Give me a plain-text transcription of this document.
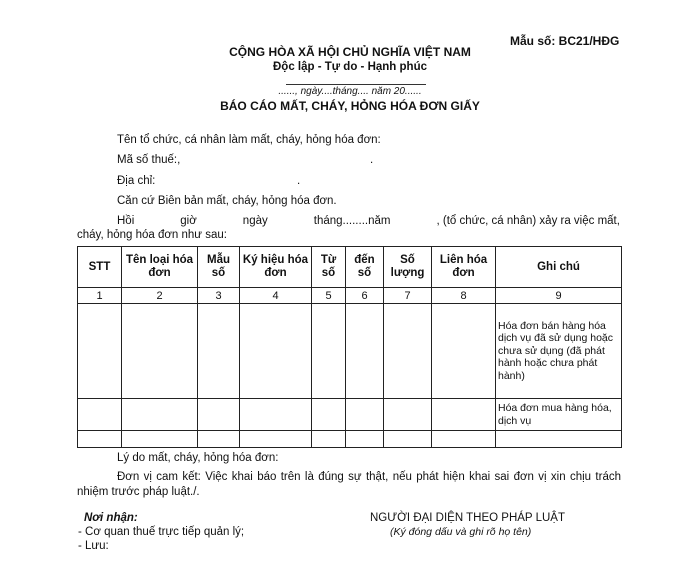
Mẫu số: BC21/HĐG
CỘNG HÒA XÃ HỘI CHỦ NGHĨA VIỆT NAM
Độc lập - Tự do - Hạnh phúc
......, ngày....tháng.... năm 20......
BÁO CÁO MẤT, CHÁY, HỎNG HÓA ĐƠN GIẤY
Tên tổ chức, cá nhân làm mất, cháy, hỏng hóa đơn:
Mã số thuế:,	.
Địa chỉ:	.
Căn cứ Biên bản mất, cháy, hỏng hóa đơn.
Hồi	giờ	ngày	tháng........năm	, (tổ chức, cá nhân) xảy ra việc mất,
cháy, hỏng hóa đơn như sau:
STT	Tên loại hóa đơn	Mẫu số	Ký hiệu hóa đơn	Từ số	đến số	Số lượng	Liên hóa đơn	Ghi chú
1	2	3	4	5	6	7	8	9
								Hóa đơn bán hàng hóa dịch vụ đã sử dụng hoặc chưa sử dụng (đã phát hành hoặc chưa phát hành)
								Hóa đơn mua hàng hóa, dịch vụ

Lý do mất, cháy, hỏng hóa đơn:
Đơn vị cam kết: Việc khai báo trên là đúng sự thật, nếu phát hiện khai sai đơn vị xin chịu trách nhiệm trước pháp luật./.
Nơi nhận:
- Cơ quan thuế trực tiếp quản lý;
- Lưu:
NGƯỜI ĐẠI DIỆN THEO PHÁP LUẬT
(Ký đóng dấu và ghi rõ họ tên)
